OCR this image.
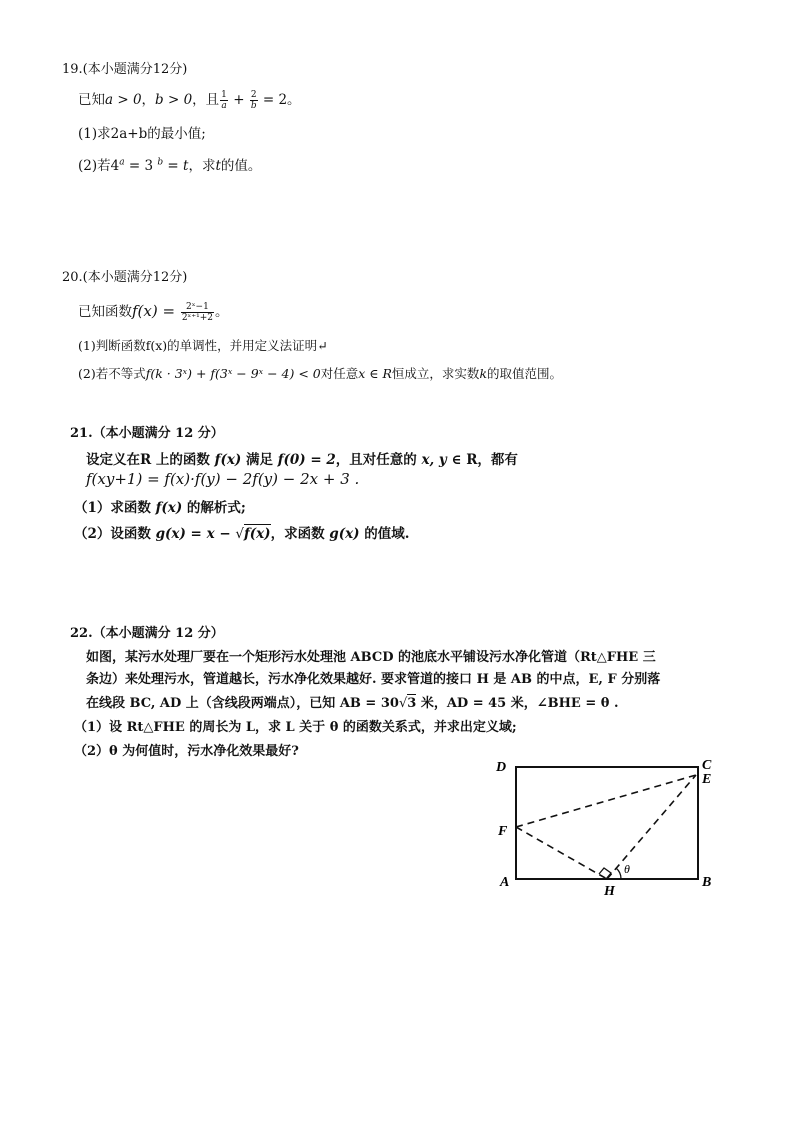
19.(本小题满分12分)
已知a > 0，b > 0，且 $\frac{1}{a} + \frac{2}{b} = 2$。
(1)求2a+b的最小值;
(2)若$4^a = 3$ $^b$ = t，求t的值。
20.(本小题满分12分)
已知函数$f(x) = \frac{\text{2ˣ−1}}{\text{2ˣ⁺¹+2}}$ 。
(1)判断函数f(x)的单调性，并用定义法证明↵
(2)若不等式f(k · 3ˣ) + f(3ˣ − 9ˣ − 4) < 0对任意x ∈ R恒成立，求实数k的取值范围。
21.（本小题满分 12 分）
设定义在R 上的函数 f(x) 满足 f(0) = 2，且对任意的 x, y ∈ R，都有
f(xy+1) = f(x)·f(y) − 2f(y) − 2x + 3 .
（1）求函数 f(x) 的解析式;
（2）设函数 g(x) = x − √f(x)，求函数 g(x) 的值域.
22.（本小题满分 12 分）
如图，某污水处理厂要在一个矩形污水处理池 ABCD 的池底水平铺设污水净化管道（Rt△FHE 三
条边）来处理污水，管道越长，污水净化效果越好. 要求管道的接口 H 是 AB 的中点，E, F 分别落
在线段 BC, AD 上（含线段两端点），已知 AB = 30√3 米，AD = 45 米，∠BHE = θ .
（1）设 Rt△FHE 的周长为 L，求 L 关于 θ 的函数关系式，并求出定义域;
（2）θ 为何值时，污水净化效果最好?
D	C
E
F
A	B
H
θ
